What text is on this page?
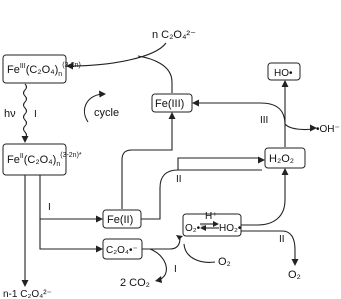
n C₂O₄²⁻
$Fe^{III}(C_2O_4)_n^{(3-2n)}$
$Fe^{II}(C_2O_4)_n^{(3-2n)*}$
hν I	cycle
Fe(III)
Fe(II)
C₂O₄•⁻
O₂•⁻ HO₂•
H⁺
H₂O₂
HO•
•OH⁻
2 CO₂
O₂
O₂
n-1 C₂O₄²⁻
I
I
II
II
III
